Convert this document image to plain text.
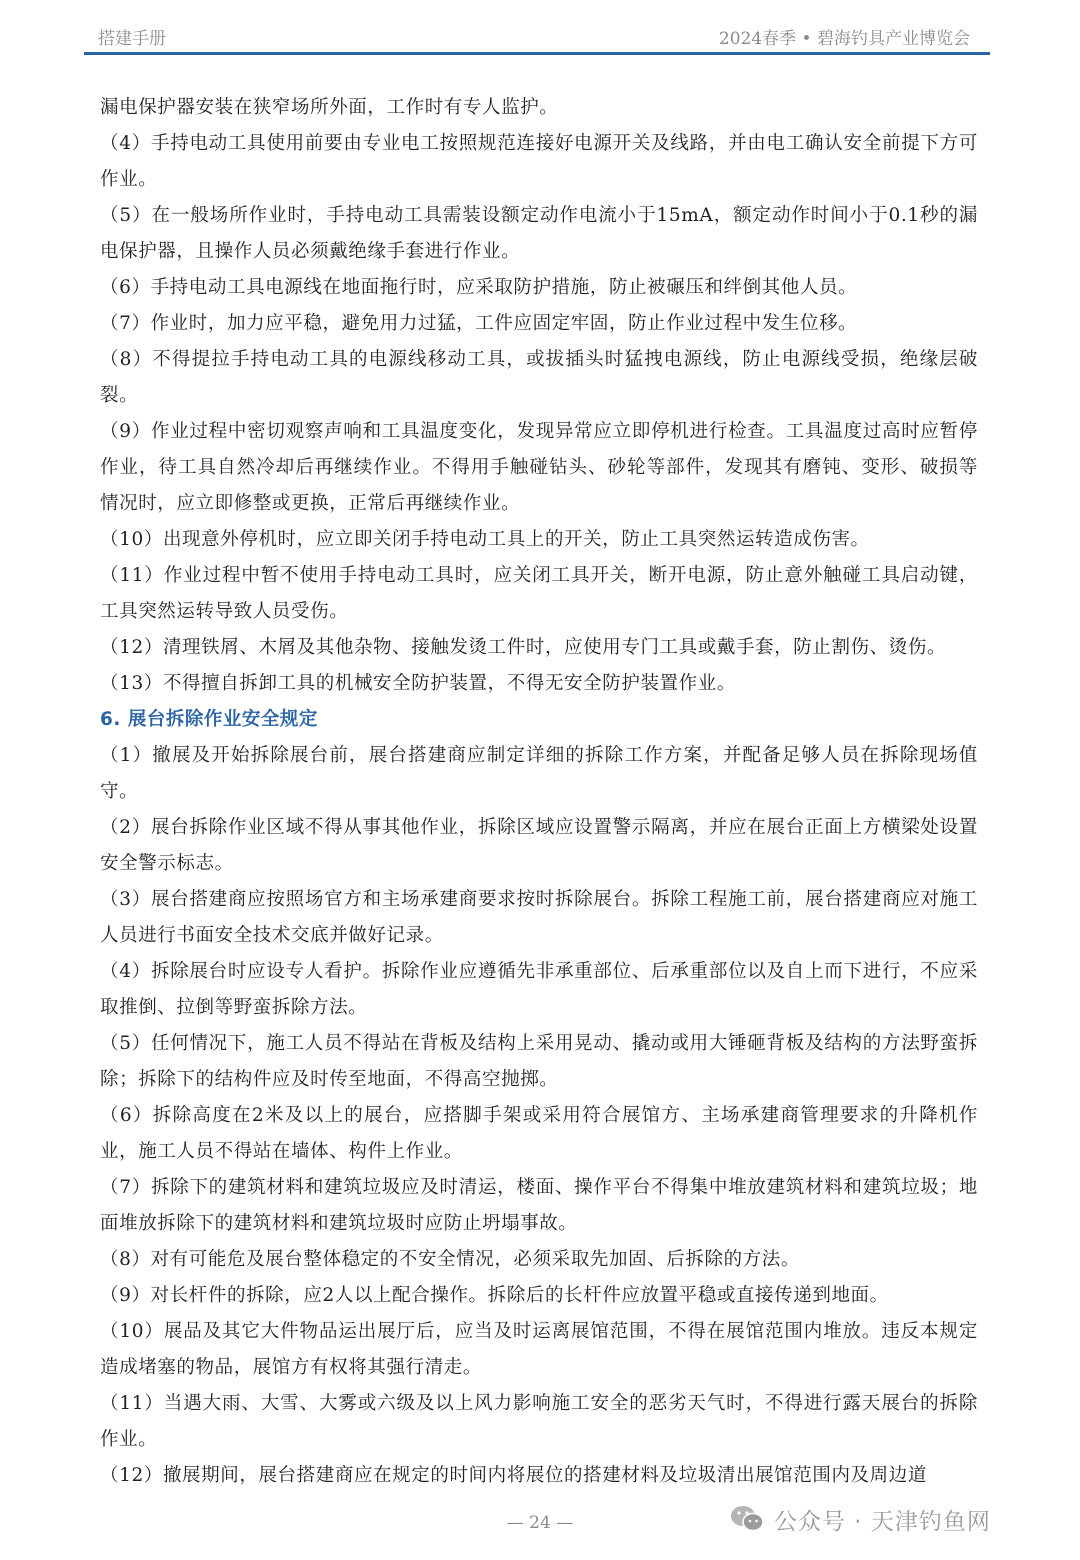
搭建手册	2024春季 • 碧海钓具产业博览会

漏电保护器安装在狭窄场所外面，工作时有专人监护。

（4）手持电动工具使用前要由专业电工按照规范连接好电源开关及线路，并由电工确认安全前提下方可作业。

（5）在一般场所作业时，手持电动工具需装设额定动作电流小于15mA，额定动作时间小于0.1秒的漏电保护器，且操作人员必须戴绝缘手套进行作业。

（6）手持电动工具电源线在地面拖行时，应采取防护措施，防止被碾压和绊倒其他人员。

（7）作业时，加力应平稳，避免用力过猛，工件应固定牢固，防止作业过程中发生位移。

（8）不得提拉手持电动工具的电源线移动工具，或拔插头时猛拽电源线，防止电源线受损，绝缘层破裂。

（9）作业过程中密切观察声响和工具温度变化，发现异常应立即停机进行检查。工具温度过高时应暂停作业，待工具自然冷却后再继续作业。不得用手触碰钻头、砂轮等部件，发现其有磨钝、变形、破损等情况时，应立即修整或更换，正常后再继续作业。

（10）出现意外停机时，应立即关闭手持电动工具上的开关，防止工具突然运转造成伤害。

（11）作业过程中暂不使用手持电动工具时，应关闭工具开关，断开电源，防止意外触碰工具启动键，工具突然运转导致人员受伤。

（12）清理铁屑、木屑及其他杂物、接触发烫工件时，应使用专门工具或戴手套，防止割伤、烫伤。

（13）不得擅自拆卸工具的机械安全防护装置，不得无安全防护装置作业。

6. 展台拆除作业安全规定

（1）撤展及开始拆除展台前，展台搭建商应制定详细的拆除工作方案，并配备足够人员在拆除现场值守。

（2）展台拆除作业区域不得从事其他作业，拆除区域应设置警示隔离，并应在展台正面上方横梁处设置安全警示标志。

（3）展台搭建商应按照场官方和主场承建商要求按时拆除展台。拆除工程施工前，展台搭建商应对施工人员进行书面安全技术交底并做好记录。

（4）拆除展台时应设专人看护。拆除作业应遵循先非承重部位、后承重部位以及自上而下进行，不应采取推倒、拉倒等野蛮拆除方法。

（5）任何情况下，施工人员不得站在背板及结构上采用晃动、撬动或用大锤砸背板及结构的方法野蛮拆除；拆除下的结构件应及时传至地面，不得高空抛掷。

（6）拆除高度在2米及以上的展台，应搭脚手架或采用符合展馆方、主场承建商管理要求的升降机作业，施工人员不得站在墙体、构件上作业。

（7）拆除下的建筑材料和建筑垃圾应及时清运，楼面、操作平台不得集中堆放建筑材料和建筑垃圾；地面堆放拆除下的建筑材料和建筑垃圾时应防止坍塌事故。

（8）对有可能危及展台整体稳定的不安全情况，必须采取先加固、后拆除的方法。

（9）对长杆件的拆除，应2人以上配合操作。拆除后的长杆件应放置平稳或直接传递到地面。

（10）展品及其它大件物品运出展厅后，应当及时运离展馆范围，不得在展馆范围内堆放。违反本规定造成堵塞的物品，展馆方有权将其强行清走。

（11）当遇大雨、大雪、大雾或六级及以上风力影响施工安全的恶劣天气时，不得进行露天展台的拆除作业。

（12）撤展期间，展台搭建商应在规定的时间内将展位的搭建材料及垃圾清出展馆范围内及周边道

— 24 —	公众号 · 天津钓鱼网
